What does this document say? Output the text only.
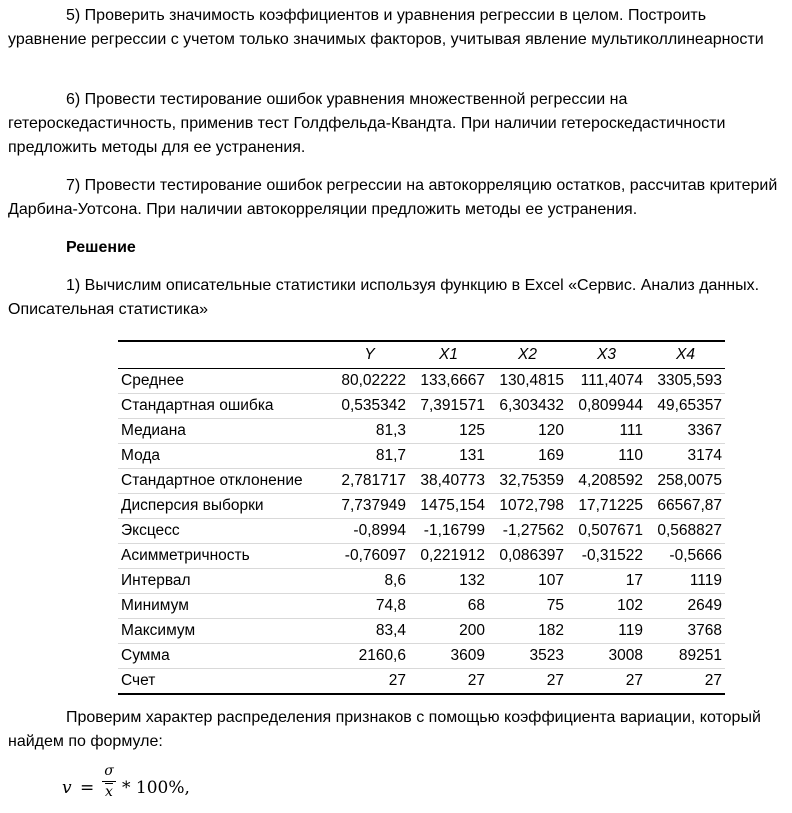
5) Проверить значимость коэффициентов и уравнения регрессии в целом. Построить уравнение регрессии с учетом только значимых факторов, учитывая явление мультиколлинеарности

6) Провести тестирование ошибок уравнения множественной регрессии на гетероскедастичность, применив тест Голдфельда-Квандта. При наличии гетероскедастичности предложить методы для ее устранения.

7) Провести тестирование ошибок регрессии на автокорреляцию остатков, рассчитав критерий Дарбина-Уотсона. При наличии автокорреляции предложить методы ее устранения.

Решение

1) Вычислим описательные статистики используя функцию в Excel «Сервис. Анализ данных. Описательная статистика»

	Y	X1	X2	X3	X4
Среднее	80,02222	133,6667	130,4815	111,4074	3305,593
Стандартная ошибка	0,535342	7,391571	6,303432	0,809944	49,65357
Медиана	81,3	125	120	111	3367
Мода	81,7	131	169	110	3174
Стандартное отклонение	2,781717	38,40773	32,75359	4,208592	258,0075
Дисперсия выборки	7,737949	1475,154	1072,798	17,71225	66567,87
Эксцесс	-0,8994	-1,16799	-1,27562	0,507671	0,568827
Асимметричность	-0,76097	0,221912	0,086397	-0,31522	-0,5666
Интервал	8,6	132	107	17	1119
Минимум	74,8	68	75	102	2649
Максимум	83,4	200	182	119	3768
Сумма	2160,6	3609	3523	3008	89251
Счет	27	27	27	27	27

Проверим характер распределения признаков с помощью коэффициента вариации, который найдем по формуле:

$v = \frac{\sigma}{x} * 100\%$,
